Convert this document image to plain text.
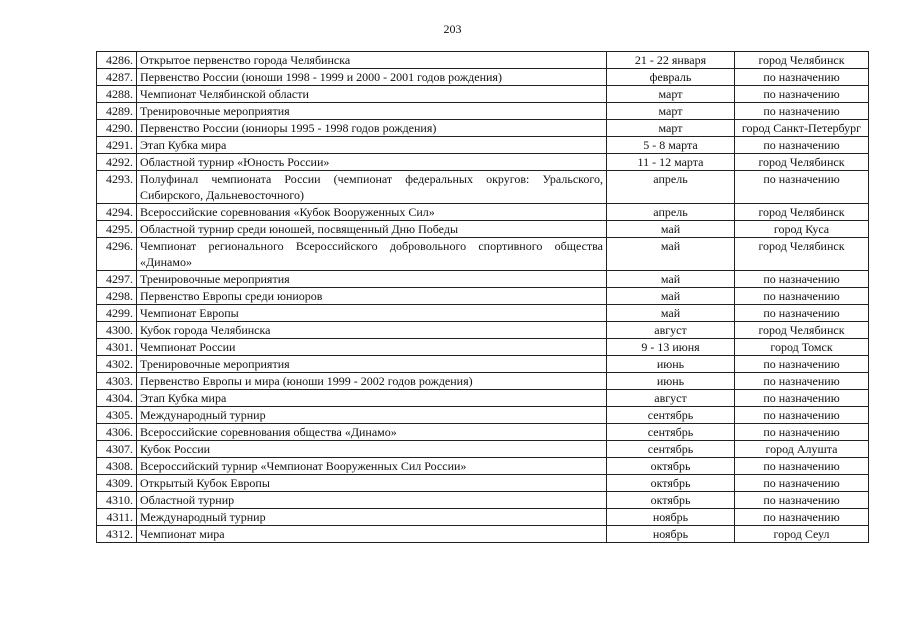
203
4286.	Открытое первенство города Челябинска	21 - 22 января	город Челябинск
4287.	Первенство России (юноши 1998 - 1999 и 2000 - 2001 годов рождения)	февраль	по назначению
4288.	Чемпионат Челябинской области	март	по назначению
4289.	Тренировочные мероприятия	март	по назначению
4290.	Первенство России (юниоры 1995 - 1998 годов рождения)	март	город Санкт-Петербург
4291.	Этап Кубка мира	5 - 8 марта	по назначению
4292.	Областной турнир «Юность России»	11 - 12 марта	город Челябинск
4293.	Полуфинал чемпионата России (чемпионат федеральных округов: Уральского, Сибирского, Дальневосточного)	апрель	по назначению
4294.	Всероссийские соревнования «Кубок Вооруженных Сил»	апрель	город Челябинск
4295.	Областной турнир среди юношей, посвященный Дню Победы	май	город Куса
4296.	Чемпионат регионального Всероссийского добровольного спортивного общества «Динамо»	май	город Челябинск
4297.	Тренировочные мероприятия	май	по назначению
4298.	Первенство Европы среди юниоров	май	по назначению
4299.	Чемпионат Европы	май	по назначению
4300.	Кубок города Челябинска	август	город Челябинск
4301.	Чемпионат России	9 - 13 июня	город Томск
4302.	Тренировочные мероприятия	июнь	по назначению
4303.	Первенство Европы и мира (юноши 1999 - 2002 годов рождения)	июнь	по назначению
4304.	Этап Кубка мира	август	по назначению
4305.	Международный турнир	сентябрь	по назначению
4306.	Всероссийские соревнования общества «Динамо»	сентябрь	по назначению
4307.	Кубок России	сентябрь	город Алушта
4308.	Всероссийский турнир «Чемпионат Вооруженных Сил России»	октябрь	по назначению
4309.	Открытый Кубок Европы	октябрь	по назначению
4310.	Областной турнир	октябрь	по назначению
4311.	Международный турнир	ноябрь	по назначению
4312.	Чемпионат мира	ноябрь	город Сеул
